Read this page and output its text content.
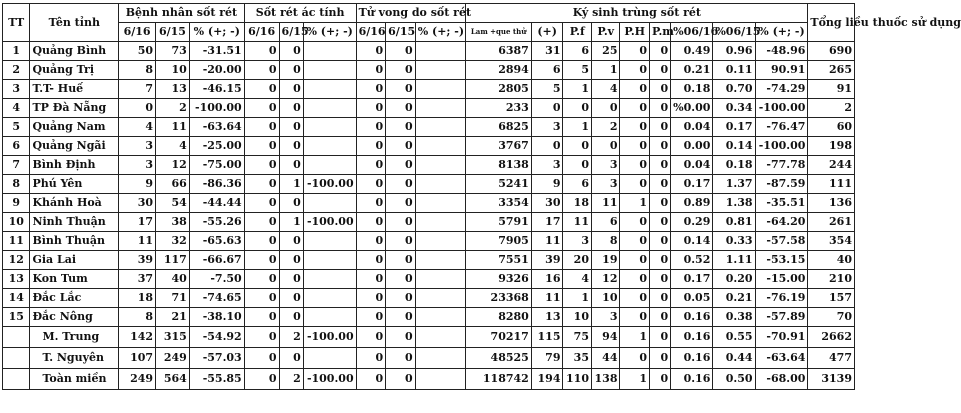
TT	Tên tỉnh	Bệnh nhân sốt rét			Sốt rét ác tính			Tử vong do sốt rét			Ký sinh trùng sốt rét									Tổng liều thuốc sử dụng
		6/16	6/15	% (+; -)	6/16	6/15	% (+; -)	6/16	6/15	% (+; -)	Lam +que thử	(+)	P.f	P.v	P.H	P.m	%06/16	%06/15	% (+; -)	
1	Quảng Bình	50	73	-31.51	0	0		0	0		6387	31	6	25	0	0	0.49	0.96	-48.96	690
2	Quảng Trị	8	10	-20.00	0	0		0	0		2894	6	5	1	0	0	0.21	0.11	90.91	265
3	T.T- Huế	7	13	-46.15	0	0		0	0		2805	5	1	4	0	0	0.18	0.70	-74.29	91
4	TP Đà Nẵng	0	2	-100.00	0	0		0	0		233	0	0	0	0	0	%0.00	0.34	-100.00	2
5	Quảng Nam	4	11	-63.64	0	0		0	0		6825	3	1	2	0	0	0.04	0.17	-76.47	60
6	Quảng Ngãi	3	4	-25.00	0	0		0	0		3767	0	0	0	0	0	0.00	0.14	-100.00	198
7	Bình Định	3	12	-75.00	0	0		0	0		8138	3	0	3	0	0	0.04	0.18	-77.78	244
8	Phú Yên	9	66	-86.36	0	1	-100.00	0	0		5241	9	6	3	0	0	0.17	1.37	-87.59	111
9	Khánh Hoà	30	54	-44.44	0	0		0	0		3354	30	18	11	1	0	0.89	1.38	-35.51	136
10	Ninh Thuận	17	38	-55.26	0	1	-100.00	0	0		5791	17	11	6	0	0	0.29	0.81	-64.20	261
11	Bình Thuận	11	32	-65.63	0	0		0	0		7905	11	3	8	0	0	0.14	0.33	-57.58	354
12	Gia Lai	39	117	-66.67	0	0		0	0		7551	39	20	19	0	0	0.52	1.11	-53.15	40
13	Kon Tum	37	40	-7.50	0	0		0	0		9326	16	4	12	0	0	0.17	0.20	-15.00	210
14	Đắc Lắc	18	71	-74.65	0	0		0	0		23368	11	1	10	0	0	0.05	0.21	-76.19	157
15	Đắc Nông	8	21	-38.10	0	0		0	0		8280	13	10	3	0	0	0.16	0.38	-57.89	70
	M. Trung	142	315	-54.92	0	2	-100.00	0	0		70217	115	75	94	1	0	0.16	0.55	-70.91	2662
	T. Nguyên	107	249	-57.03	0	0		0	0		48525	79	35	44	0	0	0.16	0.44	-63.64	477
	Toàn miền	249	564	-55.85	0	2	-100.00	0	0		118742	194	110	138	1	0	0.16	0.50	-68.00	3139
